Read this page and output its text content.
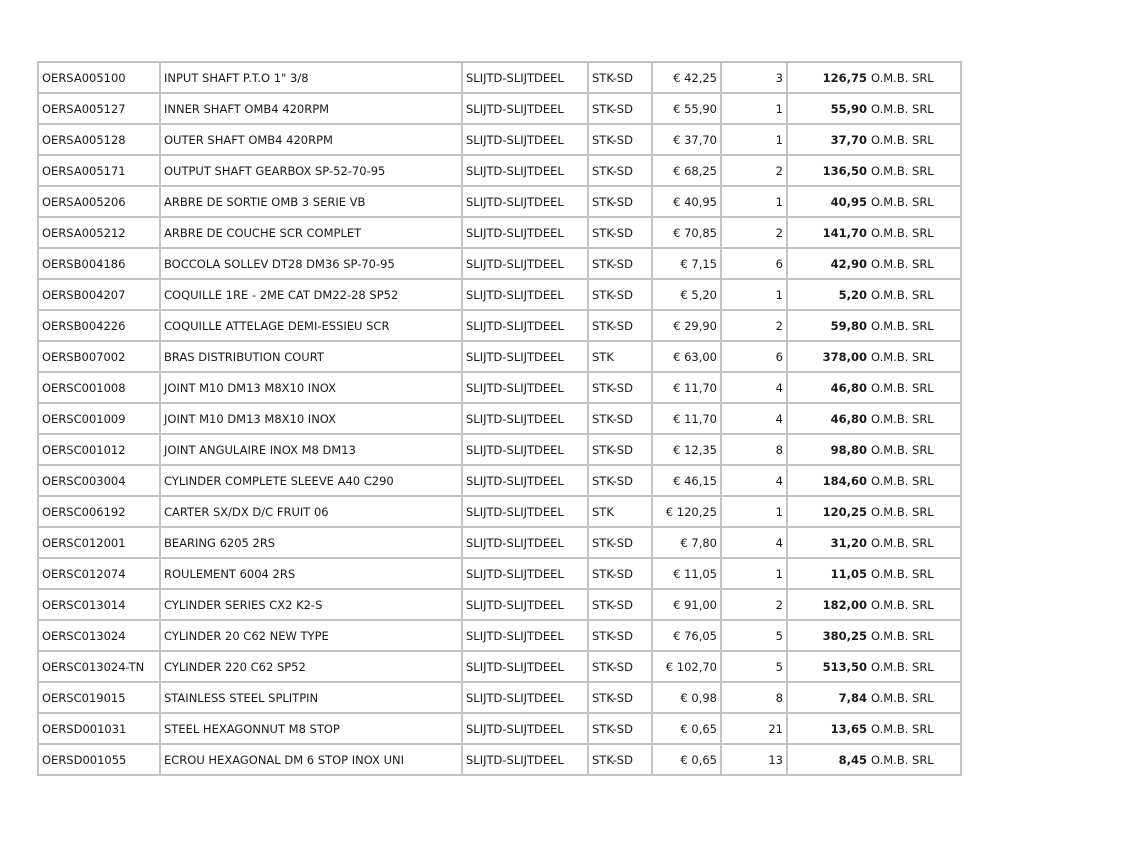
OERSA005100	INPUT SHAFT P.T.O 1" 3/8	SLIJTD-SLIJTDEEL	STK-SD	€ 42,25	3	126,75	O.M.B. SRL
OERSA005127	INNER SHAFT OMB4 420RPM	SLIJTD-SLIJTDEEL	STK-SD	€ 55,90	1	55,90	O.M.B. SRL
OERSA005128	OUTER SHAFT OMB4 420RPM	SLIJTD-SLIJTDEEL	STK-SD	€ 37,70	1	37,70	O.M.B. SRL
OERSA005171	OUTPUT SHAFT GEARBOX SP-52-70-95	SLIJTD-SLIJTDEEL	STK-SD	€ 68,25	2	136,50	O.M.B. SRL
OERSA005206	ARBRE DE SORTIE OMB 3 SERIE VB	SLIJTD-SLIJTDEEL	STK-SD	€ 40,95	1	40,95	O.M.B. SRL
OERSA005212	ARBRE DE COUCHE SCR COMPLET	SLIJTD-SLIJTDEEL	STK-SD	€ 70,85	2	141,70	O.M.B. SRL
OERSB004186	BOCCOLA SOLLEV DT28 DM36 SP-70-95	SLIJTD-SLIJTDEEL	STK-SD	€ 7,15	6	42,90	O.M.B. SRL
OERSB004207	COQUILLE 1RE - 2ME CAT DM22-28 SP52	SLIJTD-SLIJTDEEL	STK-SD	€ 5,20	1	5,20	O.M.B. SRL
OERSB004226	COQUILLE ATTELAGE DEMI-ESSIEU SCR	SLIJTD-SLIJTDEEL	STK-SD	€ 29,90	2	59,80	O.M.B. SRL
OERSB007002	BRAS DISTRIBUTION COURT	SLIJTD-SLIJTDEEL	STK	€ 63,00	6	378,00	O.M.B. SRL
OERSC001008	JOINT M10 DM13 M8X10 INOX	SLIJTD-SLIJTDEEL	STK-SD	€ 11,70	4	46,80	O.M.B. SRL
OERSC001009	JOINT M10 DM13 M8X10 INOX	SLIJTD-SLIJTDEEL	STK-SD	€ 11,70	4	46,80	O.M.B. SRL
OERSC001012	JOINT ANGULAIRE INOX M8 DM13	SLIJTD-SLIJTDEEL	STK-SD	€ 12,35	8	98,80	O.M.B. SRL
OERSC003004	CYLINDER COMPLETE SLEEVE A40 C290	SLIJTD-SLIJTDEEL	STK-SD	€ 46,15	4	184,60	O.M.B. SRL
OERSC006192	CARTER SX/DX D/C FRUIT 06	SLIJTD-SLIJTDEEL	STK	€ 120,25	1	120,25	O.M.B. SRL
OERSC012001	BEARING 6205 2RS	SLIJTD-SLIJTDEEL	STK-SD	€ 7,80	4	31,20	O.M.B. SRL
OERSC012074	ROULEMENT 6004 2RS	SLIJTD-SLIJTDEEL	STK-SD	€ 11,05	1	11,05	O.M.B. SRL
OERSC013014	CYLINDER SERIES CX2 K2-S	SLIJTD-SLIJTDEEL	STK-SD	€ 91,00	2	182,00	O.M.B. SRL
OERSC013024	CYLINDER 20 C62 NEW TYPE	SLIJTD-SLIJTDEEL	STK-SD	€ 76,05	5	380,25	O.M.B. SRL
OERSC013024-TN	CYLINDER 220 C62 SP52	SLIJTD-SLIJTDEEL	STK-SD	€ 102,70	5	513,50	O.M.B. SRL
OERSC019015	STAINLESS STEEL SPLITPIN	SLIJTD-SLIJTDEEL	STK-SD	€ 0,98	8	7,84	O.M.B. SRL
OERSD001031	STEEL HEXAGONNUT M8 STOP	SLIJTD-SLIJTDEEL	STK-SD	€ 0,65	21	13,65	O.M.B. SRL
OERSD001055	ECROU HEXAGONAL DM 6 STOP INOX UNI	SLIJTD-SLIJTDEEL	STK-SD	€ 0,65	13	8,45	O.M.B. SRL
